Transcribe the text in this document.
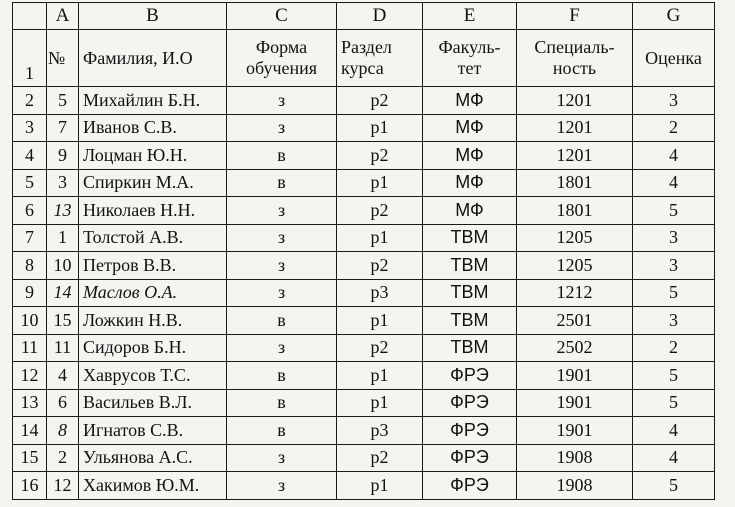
	A	B	C	D	E	F	G
1	№	Фамилия, И.О	Форма обучения	Раздел курса	Факуль- тет	Специаль- ность	Оценка
2	5	Михайлин Б.Н.	з	р2	МФ	1201	3
3	7	Иванов С.В.	з	р1	МФ	1201	2
4	9	Лоцман Ю.Н.	в	р2	МФ	1201	4
5	3	Спиркин М.А.	в	р1	МФ	1801	4
6	13	Николаев Н.Н.	з	р2	МФ	1801	5
7	1	Толстой А.В.	з	р1	ТВМ	1205	3
8	10	Петров В.В.	з	р2	ТВМ	1205	3
9	14	Маслов О.А.	з	р3	ТВМ	1212	5
10	15	Ложкин Н.В.	в	р1	ТВМ	2501	3
11	11	Сидоров Б.Н.	з	р2	ТВМ	2502	2
12	4	Хаврусов Т.С.	в	р1	ФРЭ	1901	5
13	6	Васильев В.Л.	в	р1	ФРЭ	1901	5
14	8	Игнатов С.В.	в	р3	ФРЭ	1901	4
15	2	Ульянова А.С.	з	р2	ФРЭ	1908	4
16	12	Хакимов Ю.М.	з	р1	ФРЭ	1908	5
